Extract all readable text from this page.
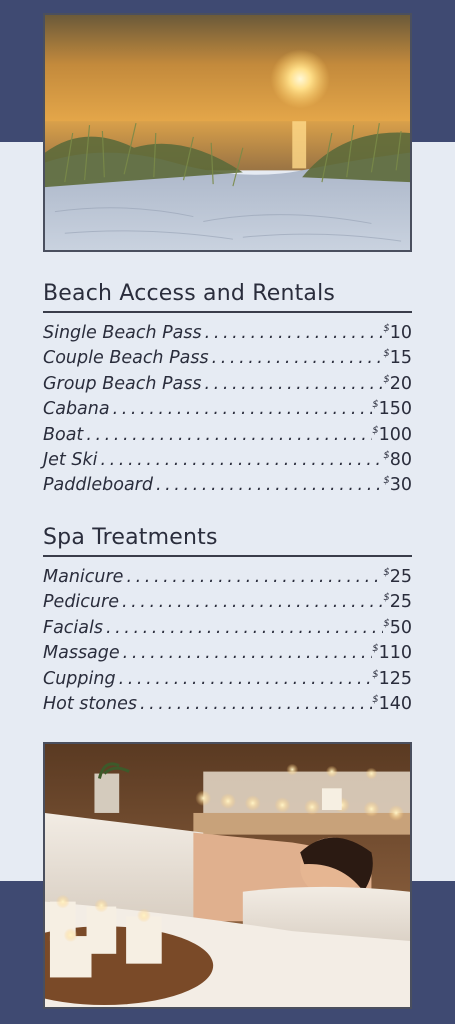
Beach Access and Rentals
Single Beach Pass .....	$10
Couple Beach Pass .....	$15
Group Beach Pass .....	$20
Cabana .....	$150
Boat .....	$100
Jet Ski .....	$80
Paddleboard .....	$30
Spa Treatments
Manicure .....	$25
Pedicure .....	$25
Facials .....	$50
Massage .....	$110
Cupping .....	$125
Hot stones .....	$140
